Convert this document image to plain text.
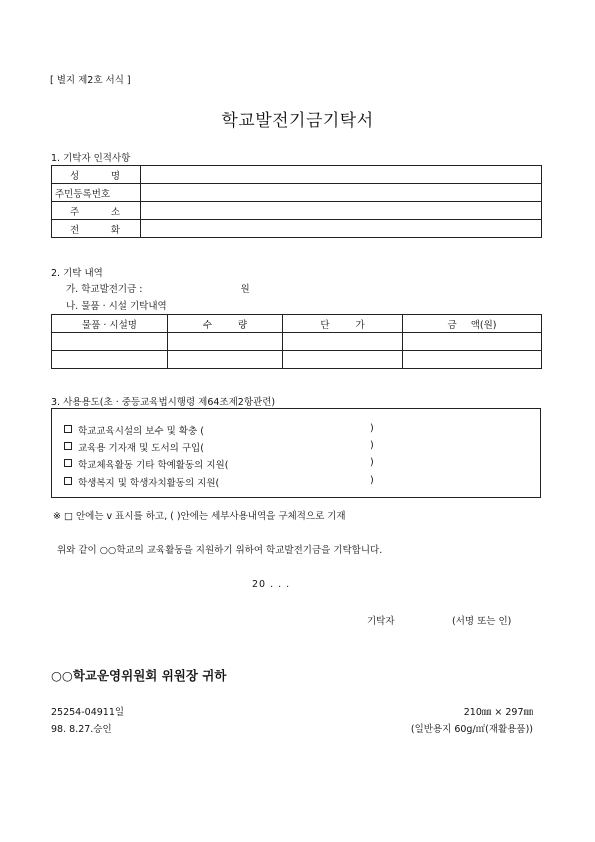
[ 별지 제2호 서식 ]
학교발전기금기탁서
1. 기탁자 인적사항
성 명	

주민등록번호	

주 소	

전 화	

2. 기탁 내역
가. 학교발전기금 :	원
나. 물품 · 시설 기탁내역
물품 · 시설명	수 량	단 가	금 액(원)

3. 사용용도(초 · 중등교육법시행령 제64조제2항관련)
학교교육시설의 보수 및 확충 (	)
교육용 기자재 및 도서의 구입(	)
학교체육활동 기타 학예활동의 지원(	)
학생복지 및 학생자치활동의 지원(	)
※ □ 안에는 v 표시를 하고, ( )안에는 세부사용내역을 구체적으로 기재
위와 같이 ○○학교의 교육활동을 지원하기 위하여 학교발전기금을 기탁합니다.
20 . . .
기탁자	(서명 또는 인)
○○학교운영위원회 위원장 귀하
25254-04911일
98. 8.27.승인
210㎜ × 297㎜
(일반용지 60g/㎡(재활용품))
